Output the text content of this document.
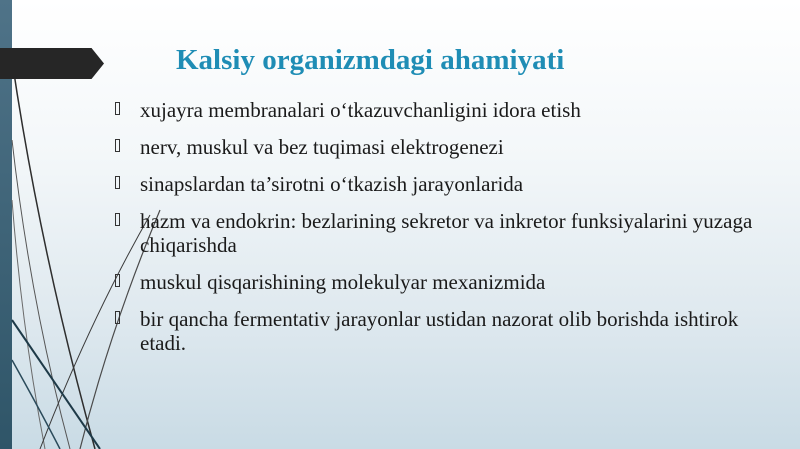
Kalsiy organizmdagi ahamiyati
xujayra membranalari o‘tkazuvchanligini idora etish
nerv, muskul va bez tuqimasi elektrogenezi
sinapslardan ta’sirotni o‘tkazish jarayonlarida
hazm va endokrin: bezlarining sekretor va inkretor funksiyalarini yuzaga chiqarishda
muskul qisqarishining molekulyar mexanizmida
bir qancha fermentativ jarayonlar ustidan nazorat olib borishda ishtirok etadi.
